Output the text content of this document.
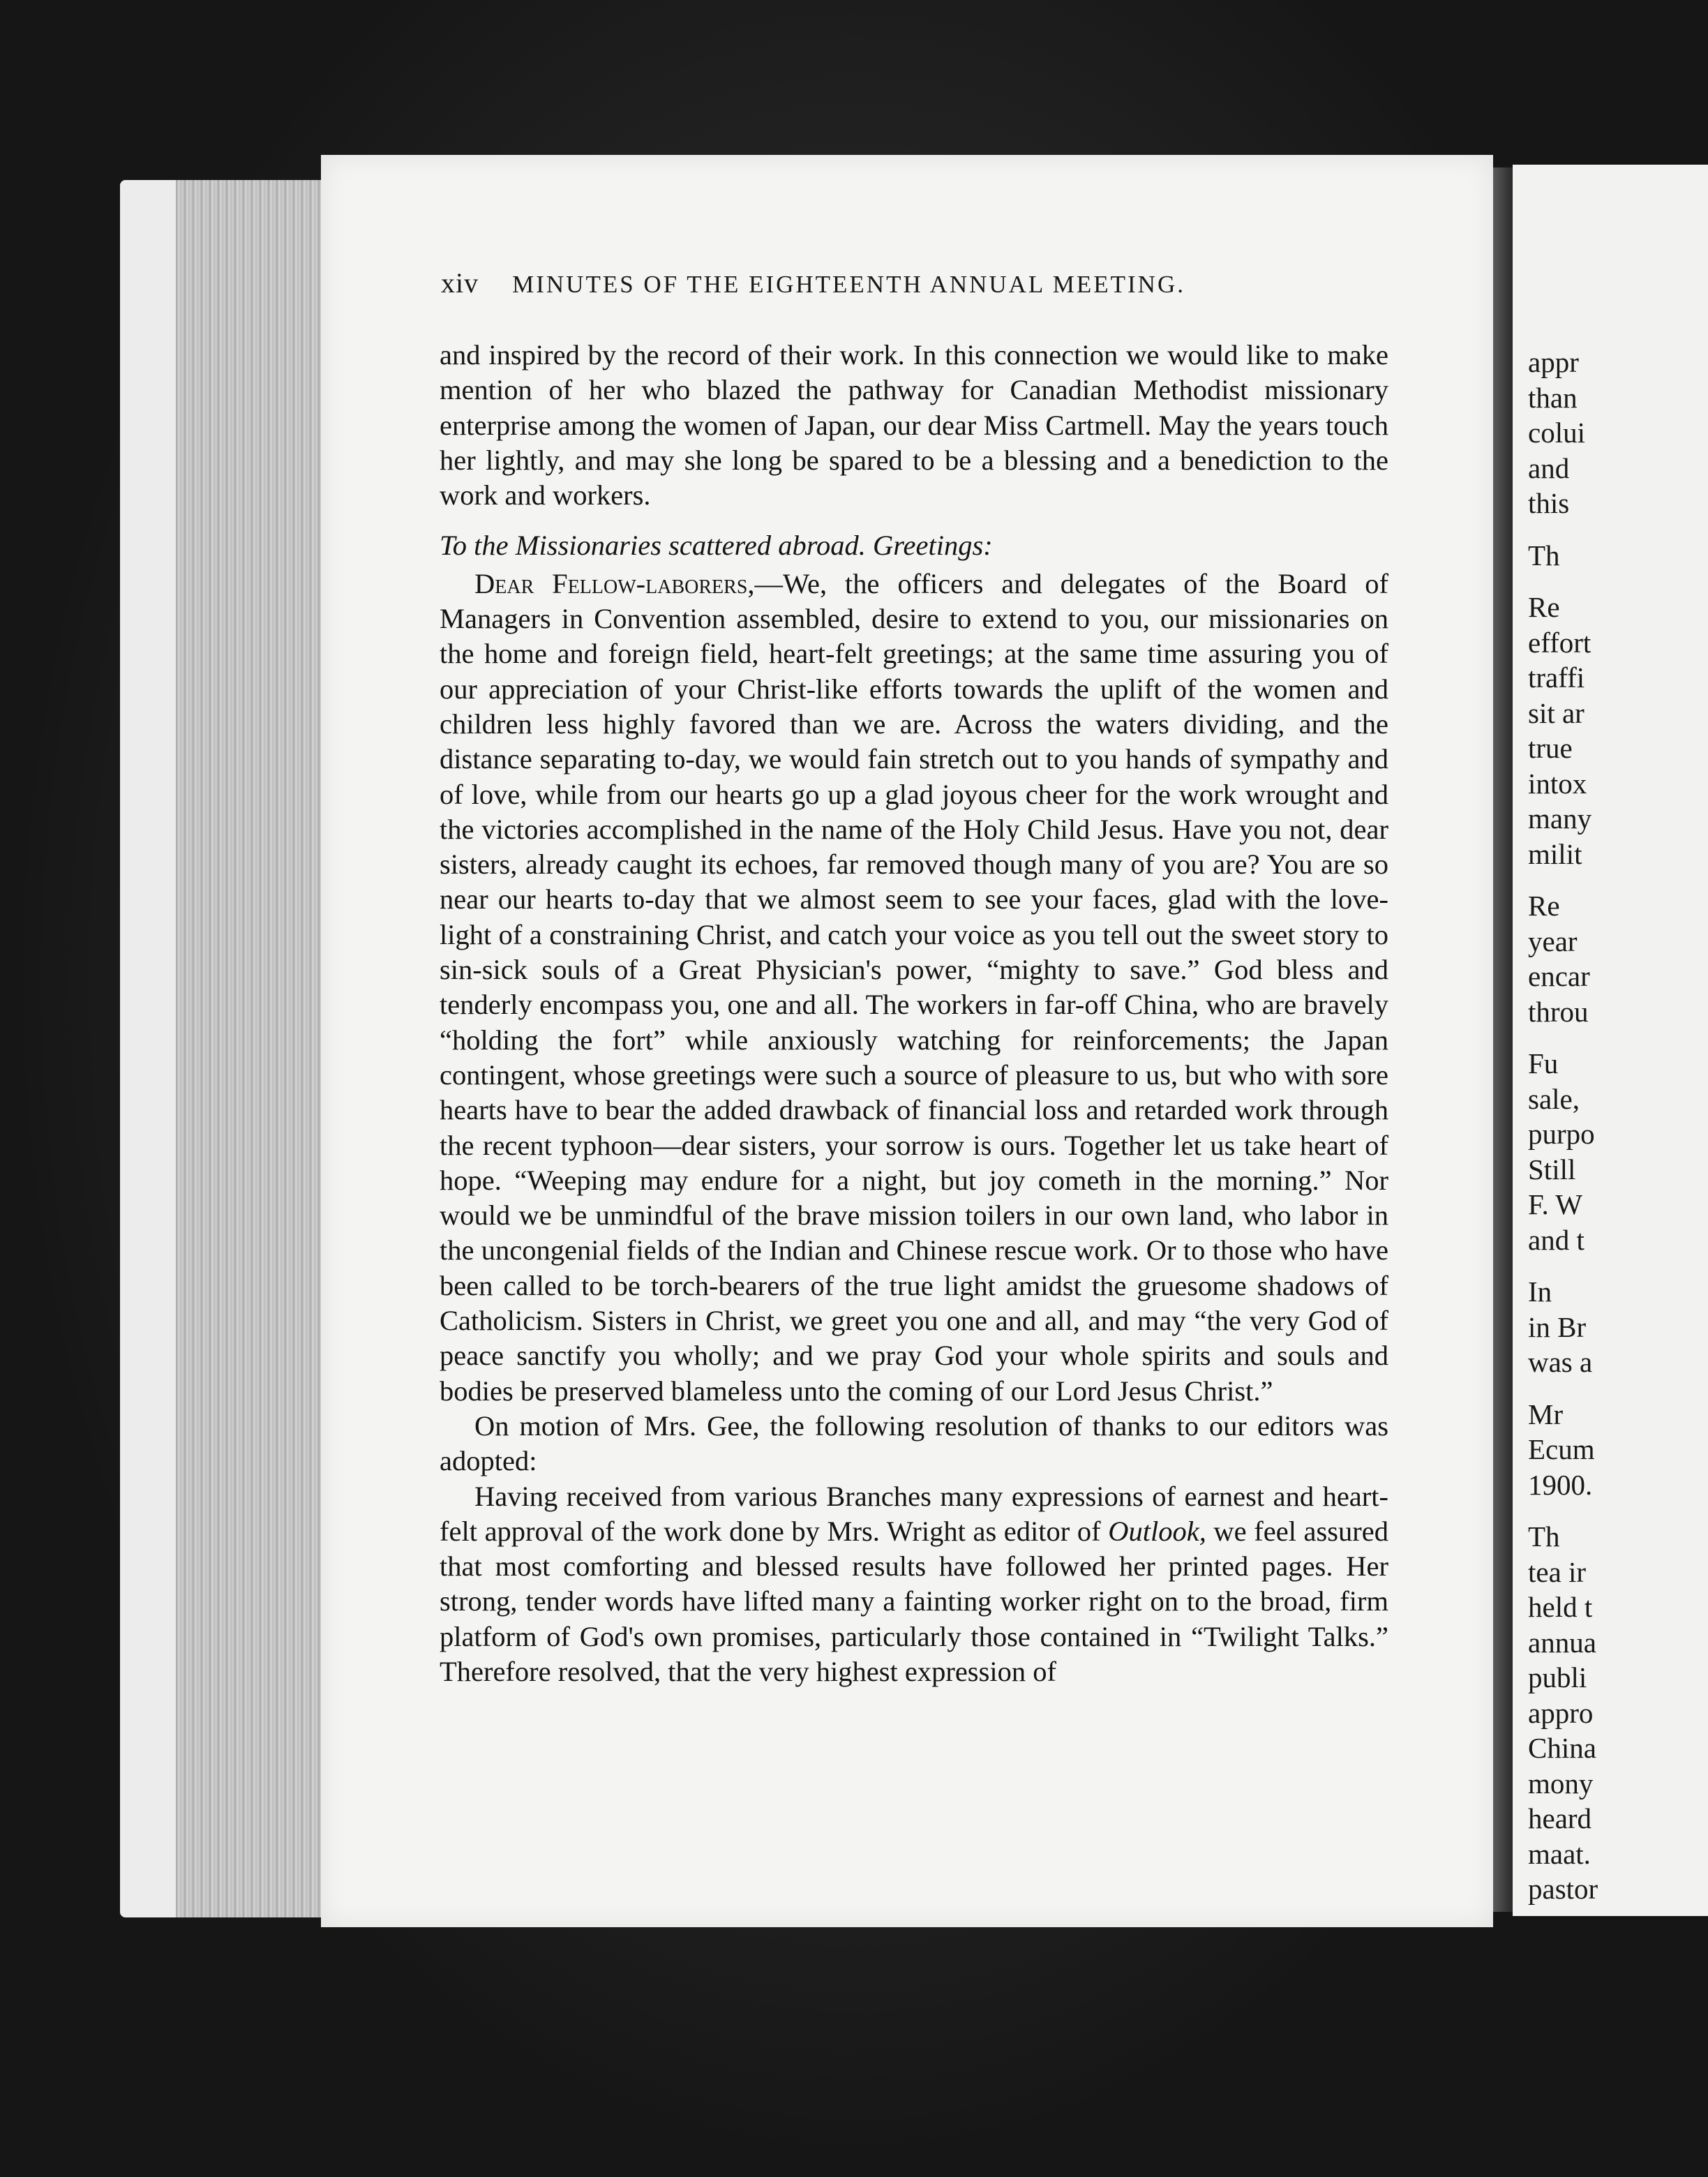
xiv MINUTES OF THE EIGHTEENTH ANNUAL MEETING.

and inspired by the record of their work. In this connection we would like to make mention of her who blazed the pathway for Canadian Methodist missionary enterprise among the women of Japan, our dear Miss Cartmell. May the years touch her lightly, and may she long be spared to be a blessing and a benediction to the work and workers.

To the Missionaries scattered abroad. Greetings:

Dear Fellow-laborers,—We, the officers and delegates of the Board of Managers in Convention assembled, desire to extend to you, our missionaries on the home and foreign field, heart-felt greetings; at the same time assuring you of our appreciation of your Christ-like efforts towards the uplift of the women and children less highly favored than we are. Across the waters dividing, and the distance separating to-day, we would fain stretch out to you hands of sympathy and of love, while from our hearts go up a glad joyous cheer for the work wrought and the victories accomplished in the name of the Holy Child Jesus. Have you not, dear sisters, already caught its echoes, far removed though many of you are? You are so near our hearts to-day that we almost seem to see your faces, glad with the love-light of a constraining Christ, and catch your voice as you tell out the sweet story to sin-sick souls of a Great Physician's power, “mighty to save.” God bless and tenderly encompass you, one and all. The workers in far-off China, who are bravely “holding the fort” while anxiously watching for reinforcements; the Japan contingent, whose greetings were such a source of pleasure to us, but who with sore hearts have to bear the added drawback of financial loss and retarded work through the recent typhoon—dear sisters, your sorrow is ours. Together let us take heart of hope. “Weeping may endure for a night, but joy cometh in the morning.” Nor would we be unmindful of the brave mission toilers in our own land, who labor in the uncongenial fields of the Indian and Chinese rescue work. Or to those who have been called to be torch-bearers of the true light amidst the gruesome shadows of Catholicism. Sisters in Christ, we greet you one and all, and may “the very God of peace sanctify you wholly; and we pray God your whole spirits and souls and bodies be preserved blameless unto the coming of our Lord Jesus Christ.”

On motion of Mrs. Gee, the following resolution of thanks to our editors was adopted:

Having received from various Branches many expressions of earnest and heart-felt approval of the work done by Mrs. Wright as editor of Outlook, we feel assured that most comforting and blessed results have followed her printed pages. Her strong, tender words have lifted many a fainting worker right on to the broad, firm platform of God's own promises, particularly those contained in “Twilight Talks.” Therefore resolved, that the very highest expression of

appr
than
colui
and
this
Th
Re
effort
traffi
sit ar
true
intox
many
milit
Re
year
encar
throu
Fu
sale,
purpo
Still
F. W
and t
In
in Br
was a
Mr
Ecum
1900.
Th
tea ir
held t
annua
publi
appro
China
mony
heard
maat.
pastor
